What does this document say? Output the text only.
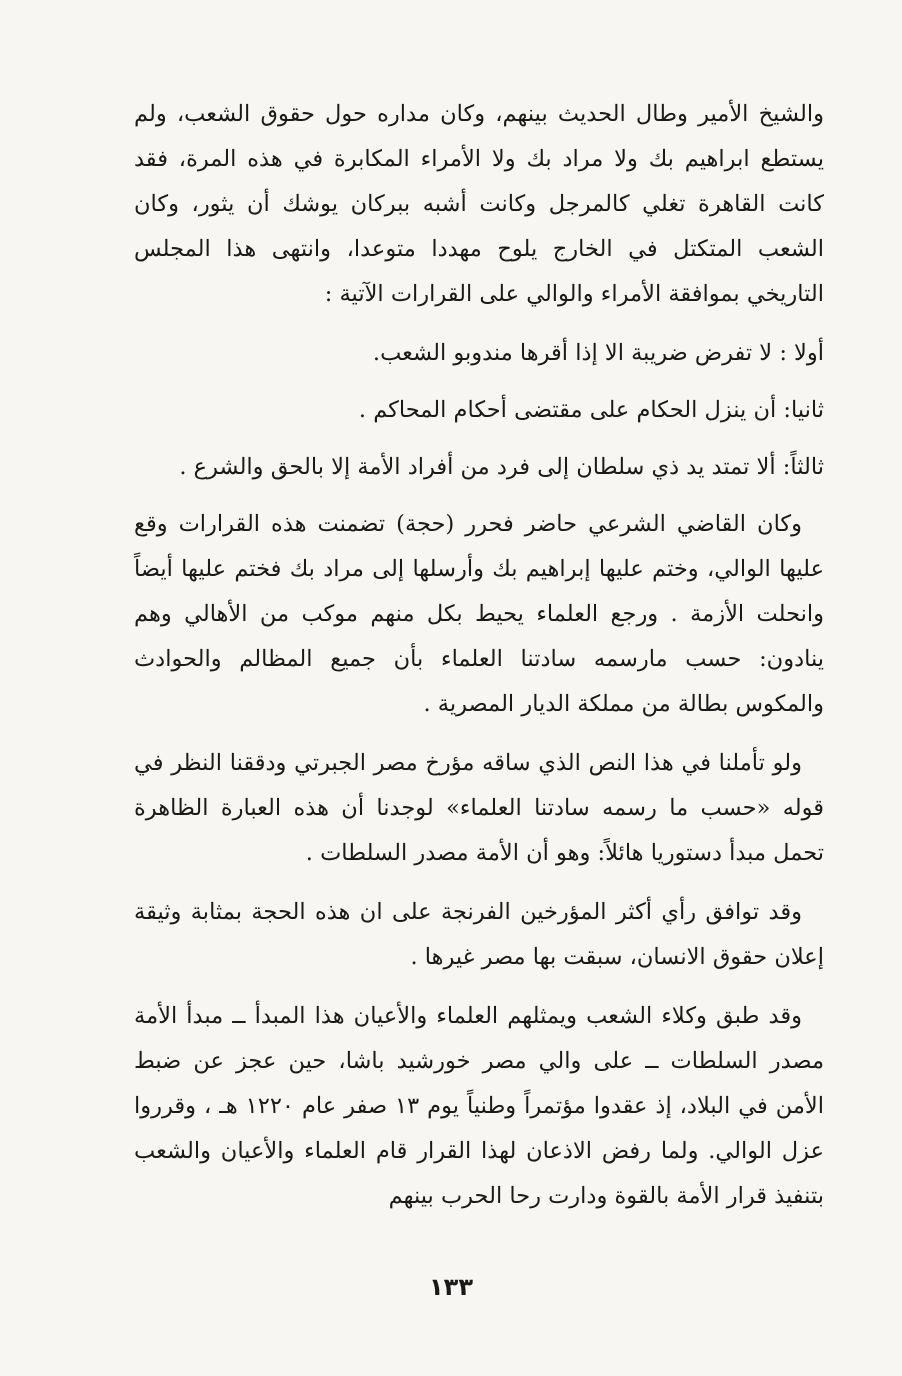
والشيخ الأمير وطال الحديث بينهم، وكان مداره حول حقوق الشعب، ولم يستطع ابراهيم بك ولا مراد بك ولا الأمراء المكابرة في هذه المرة، فقد كانت القاهرة تغلي كالمرجل وكانت أشبه ببركان يوشك أن يثور، وكان الشعب المتكتل في الخارج يلوح مهددا متوعدا، وانتهى هذا المجلس التاريخي بموافقة الأمراء والوالي على القرارات الآتية :

أولا : لا تفرض ضريبة الا إذا أقرها مندوبو الشعب.

ثانيا: أن ينزل الحكام على مقتضى أحكام المحاكم .

ثالثاً: ألا تمتد يد ذي سلطان إلى فرد من أفراد الأمة إلا بالحق والشرع .

وكان القاضي الشرعي حاضر فحرر (حجة) تضمنت هذه القرارات وقع عليها الوالي، وختم عليها إبراهيم بك وأرسلها إلى مراد بك فختم عليها أيضاً وانحلت الأزمة . ورجع العلماء يحيط بكل منهم موكب من الأهالي وهم ينادون: حسب مارسمه سادتنا العلماء بأن جميع المظالم والحوادث والمكوس بطالة من مملكة الديار المصرية .

ولو تأملنا في هذا النص الذي ساقه مؤرخ مصر الجبرتي ودققنا النظر في قوله «حسب ما رسمه سادتنا العلماء» لوجدنا أن هذه العبارة الظاهرة تحمل مبدأ دستوريا هائلاً: وهو أن الأمة مصدر السلطات .

وقد توافق رأي أكثر المؤرخين الفرنجة على ان هذه الحجة بمثابة وثيقة إعلان حقوق الانسان، سبقت بها مصر غيرها .

وقد طبق وكلاء الشعب ويمثلهم العلماء والأعيان هذا المبدأ ــ مبدأ الأمة مصدر السلطات ــ على والي مصر خورشيد باشا، حين عجز عن ضبط الأمن في البلاد، إذ عقدوا مؤتمراً وطنياً يوم ١٣ صفر عام ١٢٢٠ هـ ، وقرروا عزل الوالي. ولما رفض الاذعان لهذا القرار قام العلماء والأعيان والشعب بتنفيذ قرار الأمة بالقوة ودارت رحا الحرب بينهم

١٣٣
